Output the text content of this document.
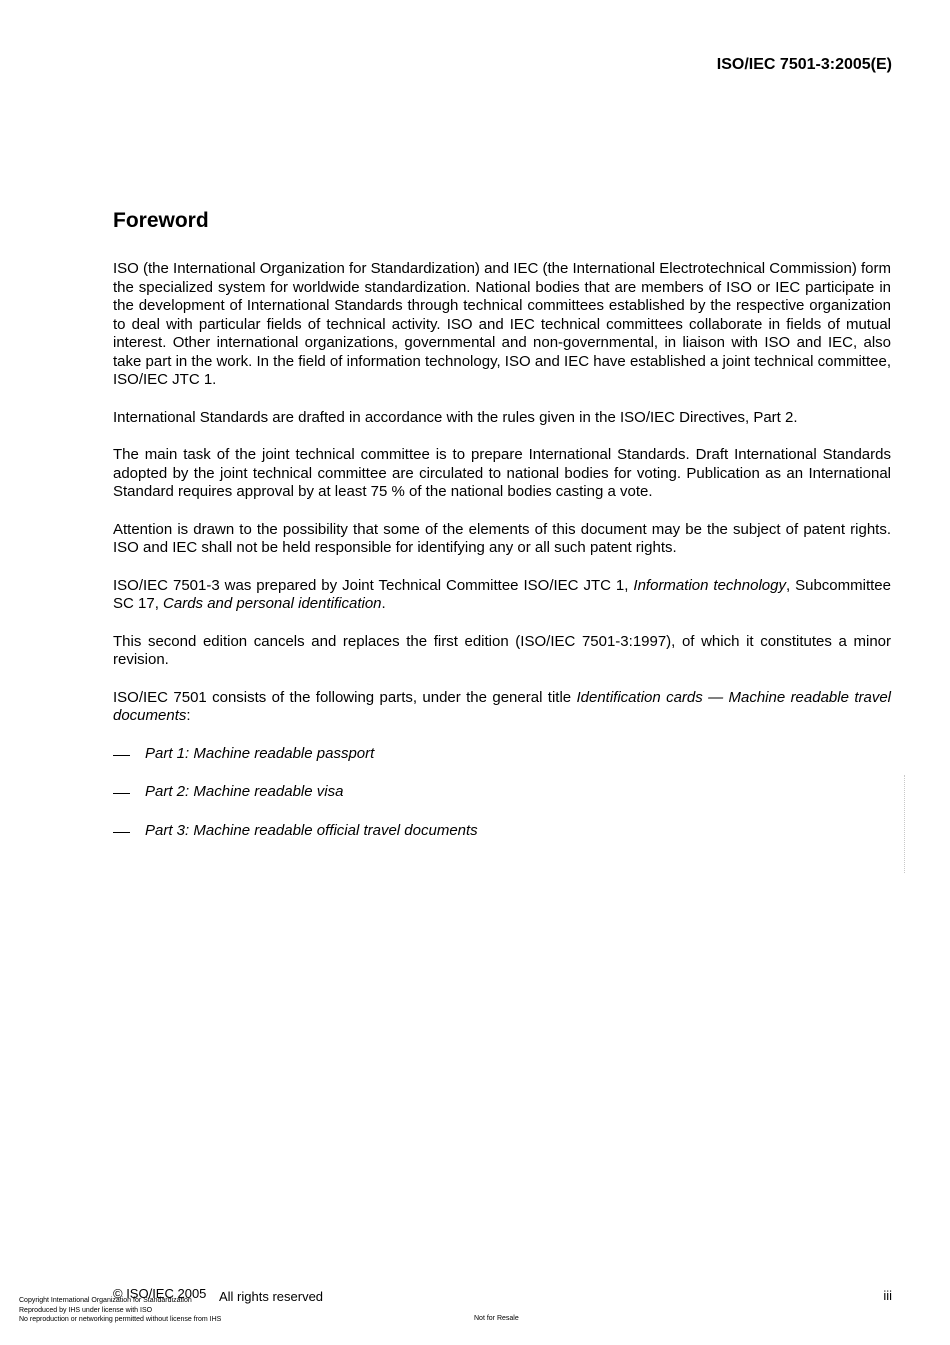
ISO/IEC 7501-3:2005(E)
Foreword

ISO (the International Organization for Standardization) and IEC (the International Electrotechnical Commission) form the specialized system for worldwide standardization. National bodies that are members of ISO or IEC participate in the development of International Standards through technical committees established by the respective organization to deal with particular fields of technical activity. ISO and IEC technical committees collaborate in fields of mutual interest. Other international organizations, governmental and non-governmental, in liaison with ISO and IEC, also take part in the work. In the field of information technology, ISO and IEC have established a joint technical committee, ISO/IEC JTC 1.

International Standards are drafted in accordance with the rules given in the ISO/IEC Directives, Part 2.

The main task of the joint technical committee is to prepare International Standards. Draft International Standards adopted by the joint technical committee are circulated to national bodies for voting. Publication as an International Standard requires approval by at least 75 % of the national bodies casting a vote.

Attention is drawn to the possibility that some of the elements of this document may be the subject of patent rights. ISO and IEC shall not be held responsible for identifying any or all such patent rights.

ISO/IEC 7501-3 was prepared by Joint Technical Committee ISO/IEC JTC 1, Information technology, Subcommittee SC 17, Cards and personal identification.

This second edition cancels and replaces the first edition (ISO/IEC 7501-3:1997), of which it constitutes a minor revision.

ISO/IEC 7501 consists of the following parts, under the general title Identification cards — Machine readable travel documents:

Part 1: Machine readable passport
Part 2: Machine readable visa
Part 3: Machine readable official travel documents
© ISO/IEC 2005 All rights reserved	iii
Copyright International Organization for Standardization
Reproduced by IHS under license with ISO
No reproduction or networking permitted without license from IHS	Not for Resale
